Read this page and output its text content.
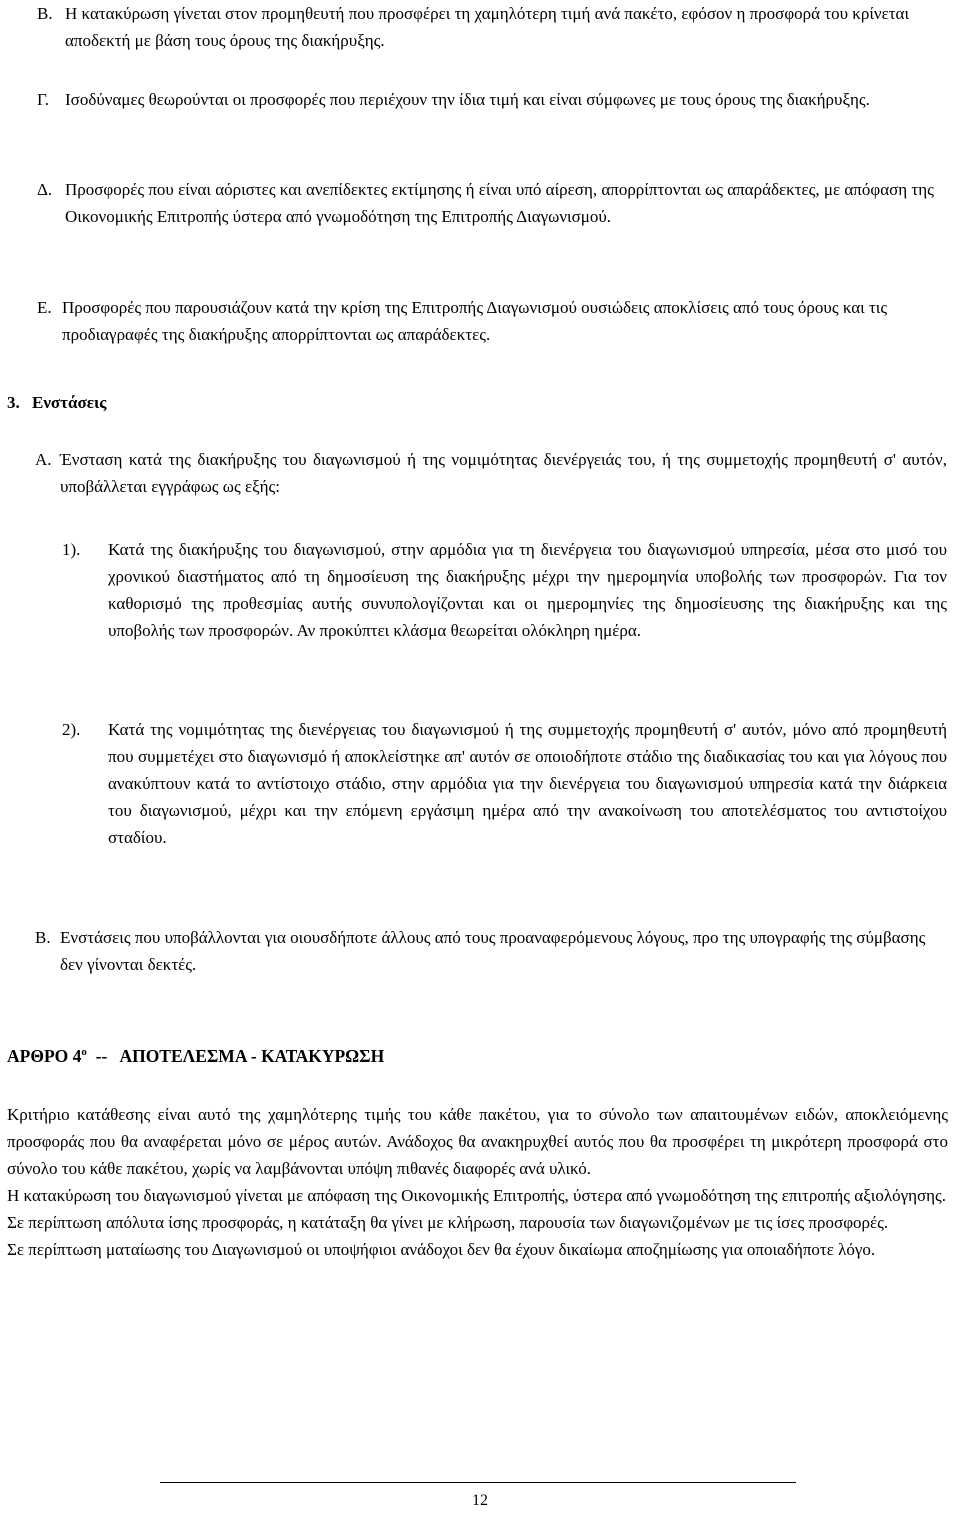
Β. Η κατακύρωση γίνεται στον προμηθευτή που προσφέρει τη χαμηλότερη τιμή ανά πακέτο, εφόσον η προσφορά του κρίνεται αποδεκτή με βάση τους όρους της διακήρυξης.
Γ. Ισοδύναμες θεωρούνται οι προσφορές που περιέχουν την ίδια τιμή και είναι σύμφωνες με τους όρους της διακήρυξης.
Δ. Προσφορές που είναι αόριστες και ανεπίδεκτες εκτίμησης ή είναι υπό αίρεση, απορρίπτονται ως απαράδεκτες, με απόφαση της Οικονομικής Επιτροπής ύστερα από γνωμοδότηση της Επιτροπής Διαγωνισμού.
Ε. Προσφορές που παρουσιάζουν κατά την κρίση της Επιτροπής Διαγωνισμού ουσιώδεις αποκλίσεις από τους όρους και τις προδιαγραφές της διακήρυξης απορρίπτονται ως απαράδεκτες.
3. Ενστάσεις
Α. Ένσταση κατά της διακήρυξης του διαγωνισμού ή της νομιμότητας διενέργειάς του, ή της συμμετοχής προμηθευτή σ' αυτόν, υποβάλλεται εγγράφως ως εξής:
1).	Κατά της διακήρυξης του διαγωνισμού, στην αρμόδια για τη διενέργεια του διαγωνισμού υπηρεσία, μέσα στο μισό του χρονικού διαστήματος από τη δημοσίευση της διακήρυξης μέχρι την ημερομηνία υποβολής των προσφορών. Για τον καθορισμό της προθεσμίας αυτής συνυπολογίζονται και οι ημερομηνίες της δημοσίευσης της διακήρυξης και της υποβολής των προσφορών. Αν προκύπτει κλάσμα θεωρείται ολόκληρη ημέρα.
2).	Κατά της νομιμότητας της διενέργειας του διαγωνισμού ή της συμμετοχής προμηθευτή σ' αυτόν, μόνο από προμηθευτή που συμμετέχει στο διαγωνισμό ή αποκλείστηκε απ' αυτόν σε οποιοδήποτε στάδιο της διαδικασίας του και για λόγους που ανακύπτουν κατά το αντίστοιχο στάδιο, στην αρμόδια για την διενέργεια του διαγωνισμού υπηρεσία κατά την διάρκεια του διαγωνισμού, μέχρι και την επόμενη εργάσιμη ημέρα από την ανακοίνωση του αποτελέσματος του αντιστοίχου σταδίου.
Β. Ενστάσεις που υποβάλλονται για οιουσδήποτε άλλους από τους προαναφερόμενους λόγους, προ της υπογραφής της σύμβασης δεν γίνονται δεκτές.
ΑΡΘΡΟ $4^o$ --   ΑΠΟΤΕΛΕΣΜΑ - ΚΑΤΑΚΥΡΩΣΗ

Κριτήριο κατάθεσης είναι αυτό της χαμηλότερης τιμής του κάθε πακέτου, για το σύνολο των απαιτουμένων ειδών, αποκλειόμενης προσφοράς που θα αναφέρεται μόνο σε μέρος αυτών. Ανάδοχος θα ανακηρυχθεί αυτός που θα προσφέρει τη μικρότερη προσφορά στο σύνολο του κάθε πακέτου, χωρίς να λαμβάνονται υπόψη πιθανές διαφορές ανά υλικό.

Η κατακύρωση του διαγωνισμού γίνεται με απόφαση της Οικονομικής Επιτροπής, ύστερα από γνωμοδότηση της επιτροπής αξιολόγησης.

Σε περίπτωση απόλυτα ίσης προσφοράς, η κατάταξη θα γίνει με κλήρωση, παρουσία των διαγωνιζομένων με τις ίσες προσφορές.

Σε περίπτωση ματαίωσης του Διαγωνισμού οι υποψήφιοι ανάδοχοι δεν θα έχουν δικαίωμα αποζημίωσης για οποιαδήποτε λόγο.

12
